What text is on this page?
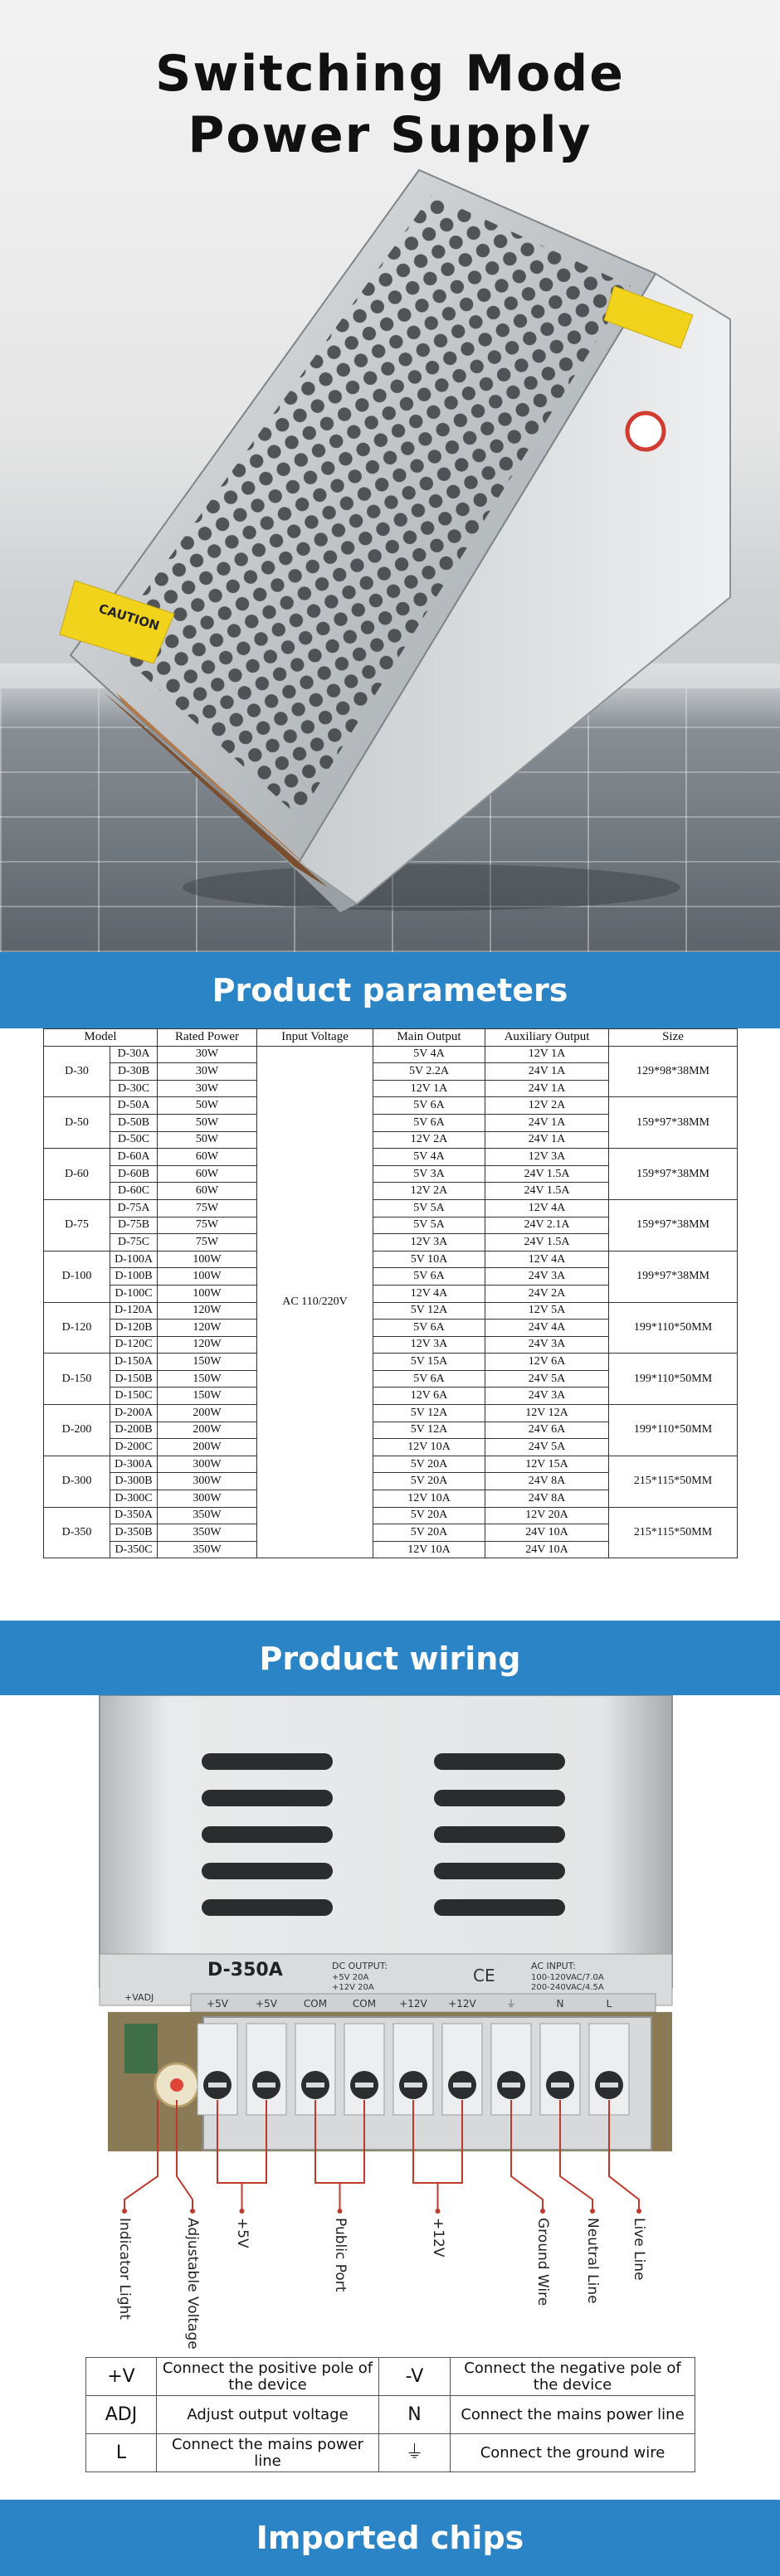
Switching Mode
Power Supply
CAUTION
Product parameters
Model		Rated Power	Input Voltage	Main Output	Auxiliary Output	Size
D-30	D-30A	30W	AC 110/220V	5V 4A	12V 1A	129*98*38MM
	D-30B	30W		5V 2.2A	24V 1A	
	D-30C	30W		12V 1A	24V 1A	
D-50	D-50A	50W		5V 6A	12V 2A	159*97*38MM
	D-50B	50W		5V 6A	24V 1A	
	D-50C	50W		12V 2A	24V 1A	
D-60	D-60A	60W		5V 4A	12V 3A	159*97*38MM
	D-60B	60W		5V 3A	24V 1.5A	
	D-60C	60W		12V 2A	24V 1.5A	
D-75	D-75A	75W		5V 5A	12V 4A	159*97*38MM
	D-75B	75W		5V 5A	24V 2.1A	
	D-75C	75W		12V 3A	24V 1.5A	
D-100	D-100A	100W		5V 10A	12V 4A	199*97*38MM
	D-100B	100W		5V 6A	24V 3A	
	D-100C	100W		12V 4A	24V 2A	
D-120	D-120A	120W		5V 12A	12V 5A	199*110*50MM
	D-120B	120W		5V 6A	24V 4A	
	D-120C	120W		12V 3A	24V 3A	
D-150	D-150A	150W		5V 15A	12V 6A	199*110*50MM
	D-150B	150W		5V 6A	24V 5A	
	D-150C	150W		12V 6A	24V 3A	
D-200	D-200A	200W		5V 12A	12V 12A	199*110*50MM
	D-200B	200W		5V 12A	24V 6A	
	D-200C	200W		12V 10A	24V 5A	
D-300	D-300A	300W		5V 20A	12V 15A	215*115*50MM
	D-300B	300W		5V 20A	24V 8A	
	D-300C	300W		12V 10A	24V 8A	
D-350	D-350A	350W		5V 20A	12V 20A	215*115*50MM
	D-350B	350W		5V 20A	24V 10A	
	D-350C	350W		12V 10A	24V 10A	
Product wiring
D-350A	DC OUTPUT:
+5V 20A
+12V 20A
CE	AC INPUT:
100-120VAC/7.0A
200-240VAC/4.5A
+VADJ
+5V	+5V	COM	COM +12V +12V	⏚	N	L
Indicator Light	Adjustable Voltage +5V	Public Port	+12V	Ground Wire Neutral Line Live Line
+V	Connect the positive pole of the device	-V	Connect the negative pole of the device
ADJ	Adjust output voltage	N	Connect the mains power line
L	Connect the mains power line	⏚	Connect the ground wire
Imported chips
